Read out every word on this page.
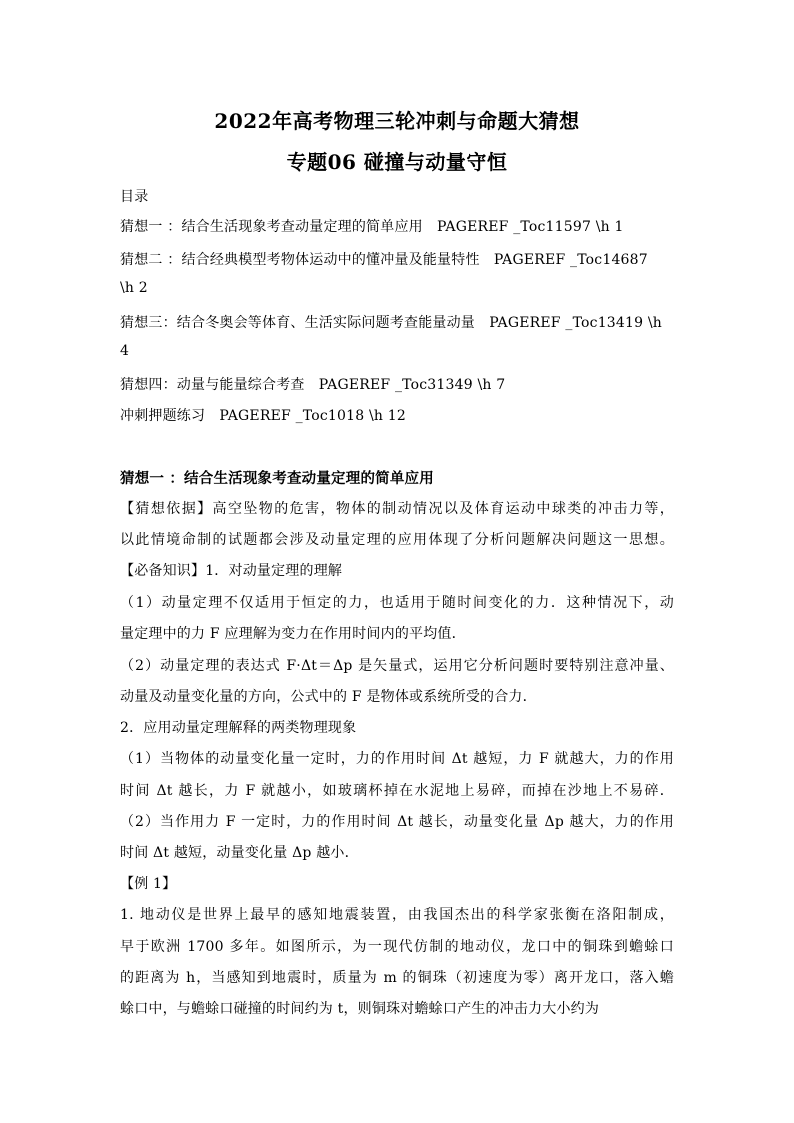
2022年高考物理三轮冲刺与命题大猜想
专题06 碰撞与动量守恒
目录
猜想一 ：结合生活现象考查动量定理的简单应用　PAGEREF _Toc11597 \h 1
猜想二 ：结合经典模型考物体运动中的懂冲量及能量特性　PAGEREF _Toc14687
\h 2
猜想三：结合冬奥会等体育、生活实际问题考查能量动量　PAGEREF _Toc13419 \h
4
猜想四：动量与能量综合考查　PAGEREF _Toc31349 \h 7
冲刺押题练习　PAGEREF _Toc1018 \h 12
猜想一 ：结合生活现象考查动量定理的简单应用
【猜想依据】高空坠物的危害，物体的制动情况以及体育运动中球类的冲击力等，
以此情境命制的试题都会涉及动量定理的应用体现了分析问题解决问题这一思想。
【必备知识】1．对动量定理的理解
（1）动量定理不仅适用于恒定的力，也适用于随时间变化的力．这种情况下，动
量定理中的力 F 应理解为变力在作用时间内的平均值．
（2）动量定理的表达式 F·Δt＝Δp 是矢量式，运用它分析问题时要特别注意冲量、
动量及动量变化量的方向，公式中的 F 是物体或系统所受的合力．
2．应用动量定理解释的两类物理现象
（1）当物体的动量变化量一定时，力的作用时间 Δt 越短，力 F 就越大，力的作用
时间 Δt 越长，力 F 就越小，如玻璃杯掉在水泥地上易碎，而掉在沙地上不易碎．
（2）当作用力 F 一定时，力的作用时间 Δt 越长，动量变化量 Δp 越大，力的作用
时间 Δt 越短，动量变化量 Δp 越小．
【例 1】
1. 地动仪是世界上最早的感知地震装置，由我国杰出的科学家张衡在洛阳制成，
早于欧洲 1700 多年。如图所示，为一现代仿制的地动仪，龙口中的铜珠到蟾蜍口
的距离为 h，当感知到地震时，质量为 m 的铜珠（初速度为零）离开龙口，落入蟾
蜍口中，与蟾蜍口碰撞的时间约为 t，则铜珠对蟾蜍口产生的冲击力大小约为
